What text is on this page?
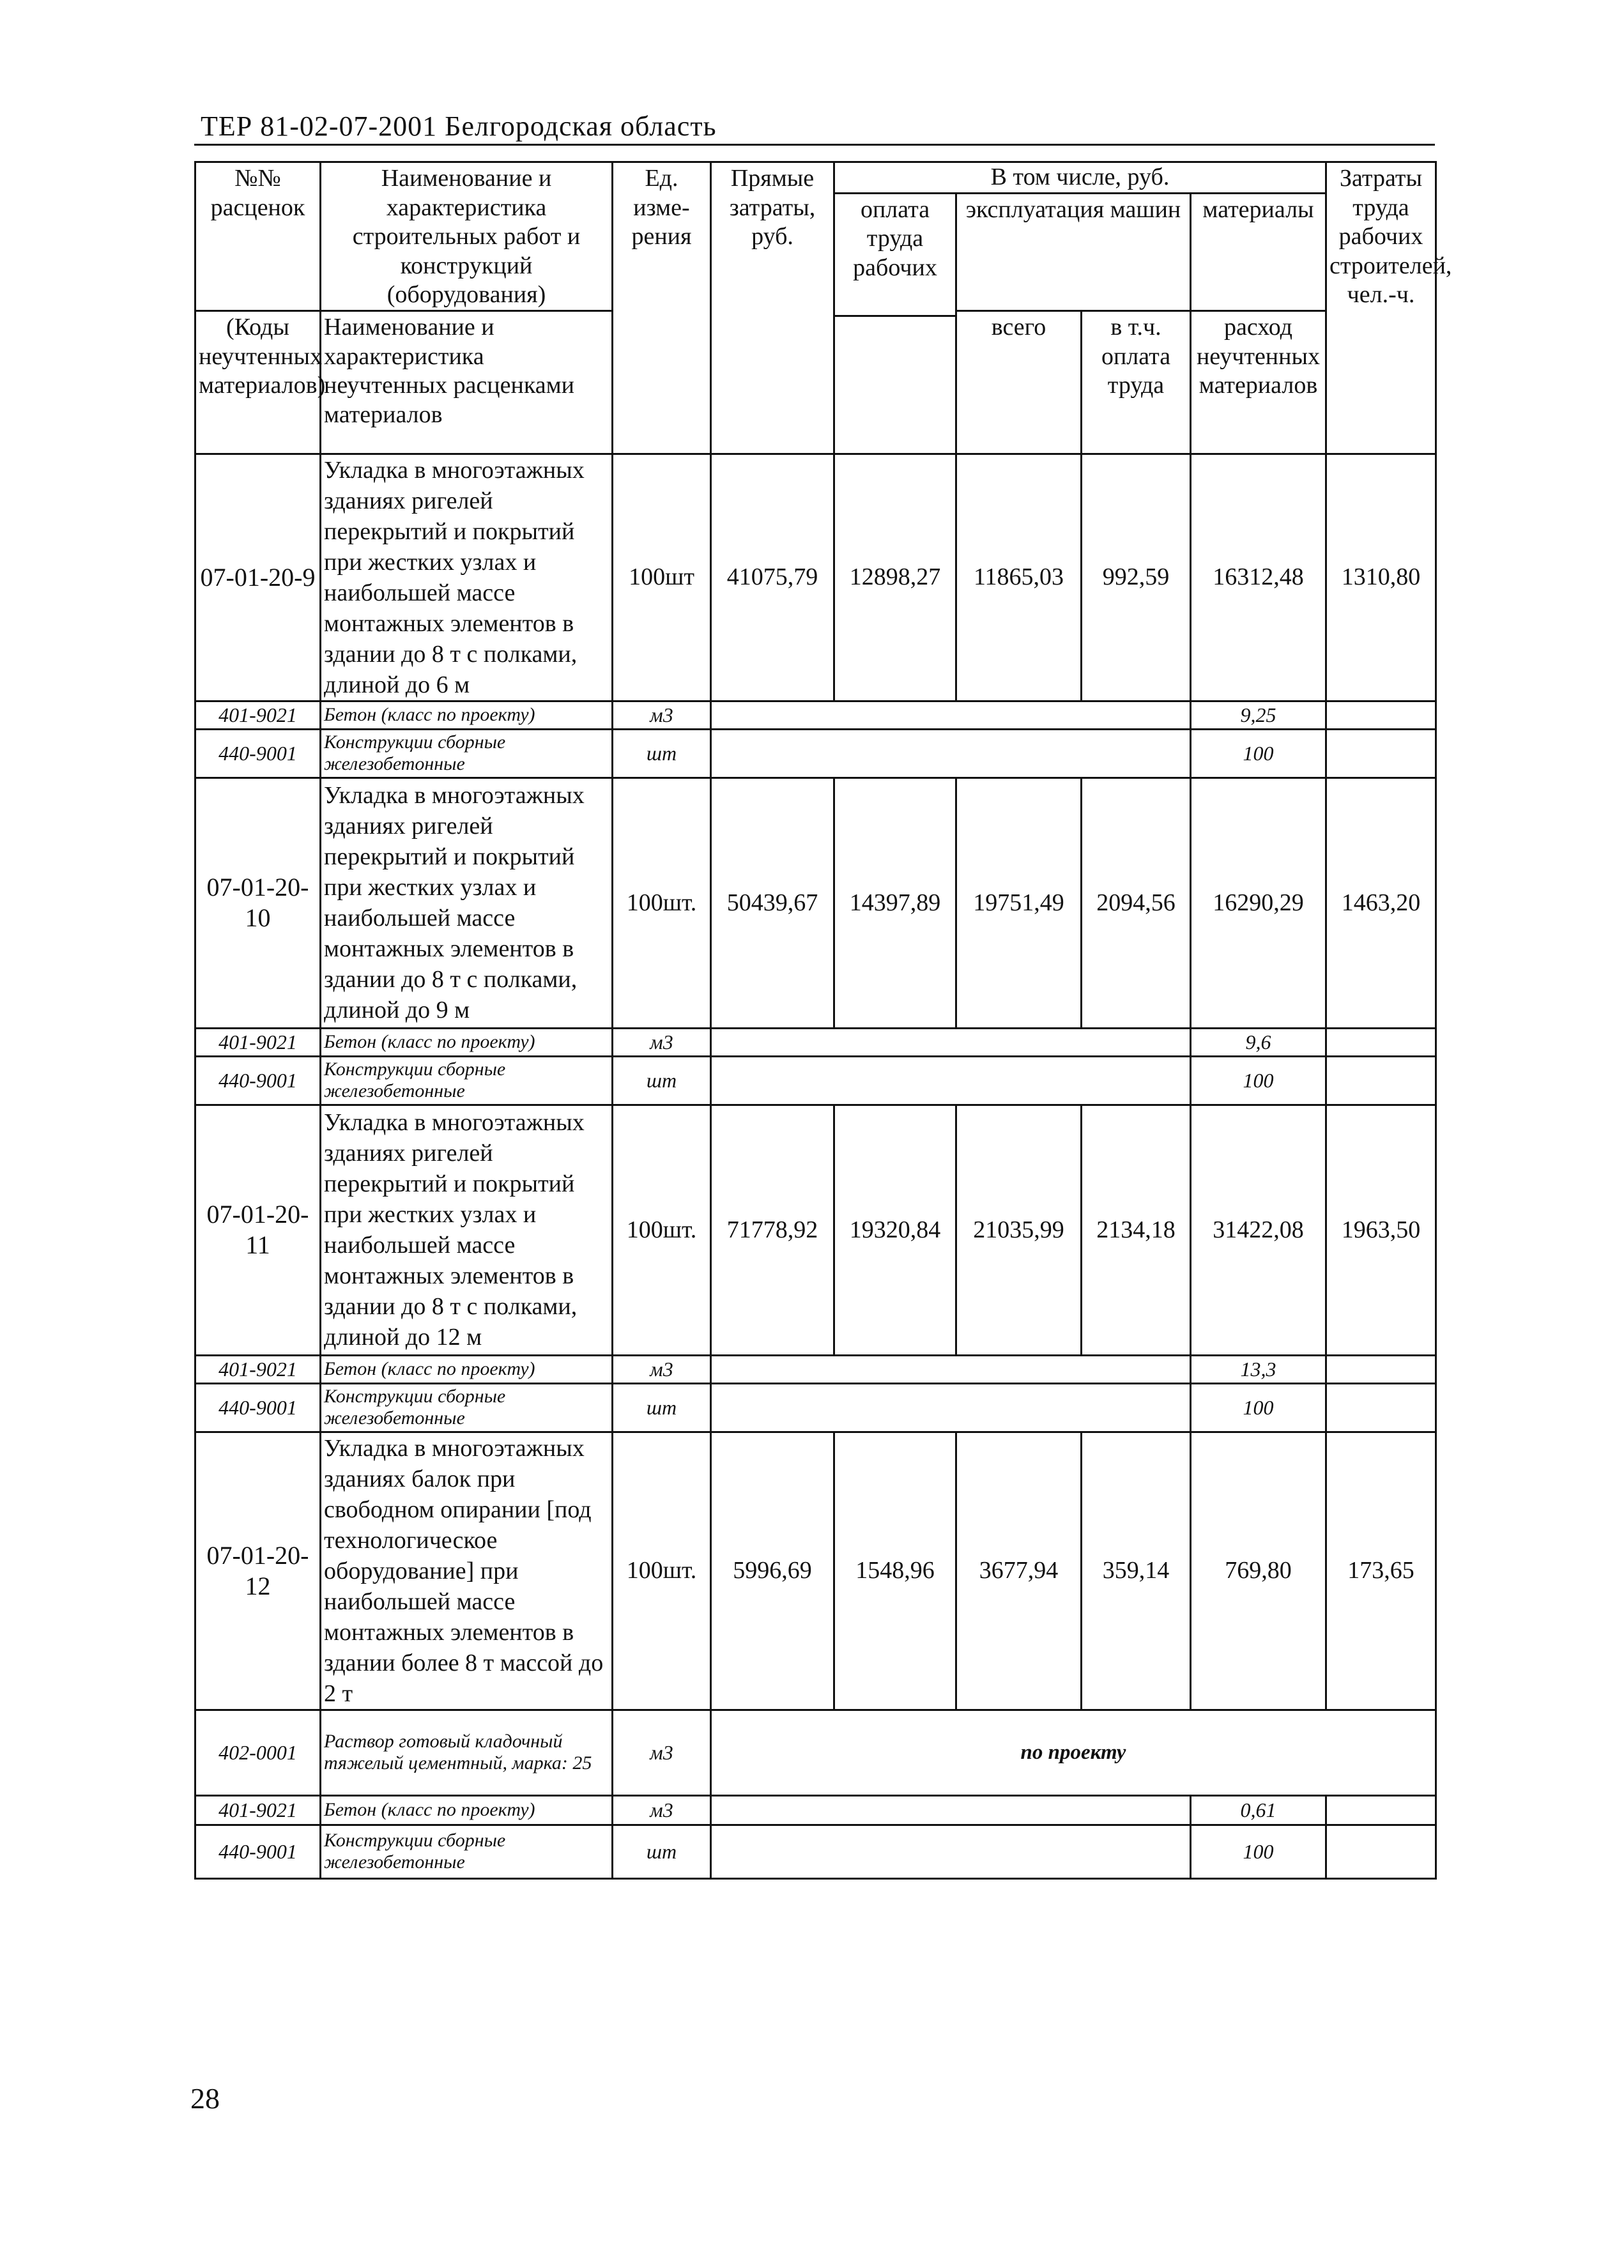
ТЕР 81-02-07-2001 Белгородская область
№№ расценок	Наименование и характеристика строительных работ и конструкций (оборудования)	Ед. изме-рения	Прямые затраты, руб.	В том числе, руб.				Затраты труда рабочих строителей, чел.-ч.
				оплата труда рабочих	эксплуатация машин		материалы	

(Коды неучтенных материалов)	Наименование и характеристика неучтенных расценками материалов				всего	в т.ч. оплата труда	расход неучтенных материалов	

07-01-20-9	Укладка в многоэтажных зданиях ригелей перекрытий и покрытий при жестких узлах и наибольшей массе монтажных элементов в здании до 8 т с полками, длиной до 6 м	100шт	41075,79	12898,27	11865,03	992,59	16312,48	1310,80
401-9021	Бетон (класс по проекту)	м3					9,25	
440-9001	Конструкции сборные железобетонные	шт					100	
07-01-20-10	Укладка в многоэтажных зданиях ригелей перекрытий и покрытий при жестких узлах и наибольшей массе монтажных элементов в здании до 8 т с полками, длиной до 9 м	100шт.	50439,67	14397,89	19751,49	2094,56	16290,29	1463,20
401-9021	Бетон (класс по проекту)	м3					9,6	
440-9001	Конструкции сборные железобетонные	шт					100	
07-01-20-11	Укладка в многоэтажных зданиях ригелей перекрытий и покрытий при жестких узлах и наибольшей массе монтажных элементов в здании до 8 т с полками, длиной до 12 м	100шт.	71778,92	19320,84	21035,99	2134,18	31422,08	1963,50
401-9021	Бетон (класс по проекту)	м3					13,3	
440-9001	Конструкции сборные железобетонные	шт					100	
07-01-20-12	Укладка в многоэтажных зданиях балок при свободном опирании [под технологическое оборудование] при наибольшей массе монтажных элементов в здании более 8 т массой до 2 т	100шт.	5996,69	1548,96	3677,94	359,14	769,80	173,65
402-0001	Раствор готовый кладочный тяжелый цементный, марка: 25	м3	по проекту					
401-9021	Бетон (класс по проекту)	м3					0,61	
440-9001	Конструкции сборные железобетонные	шт					100	
28
